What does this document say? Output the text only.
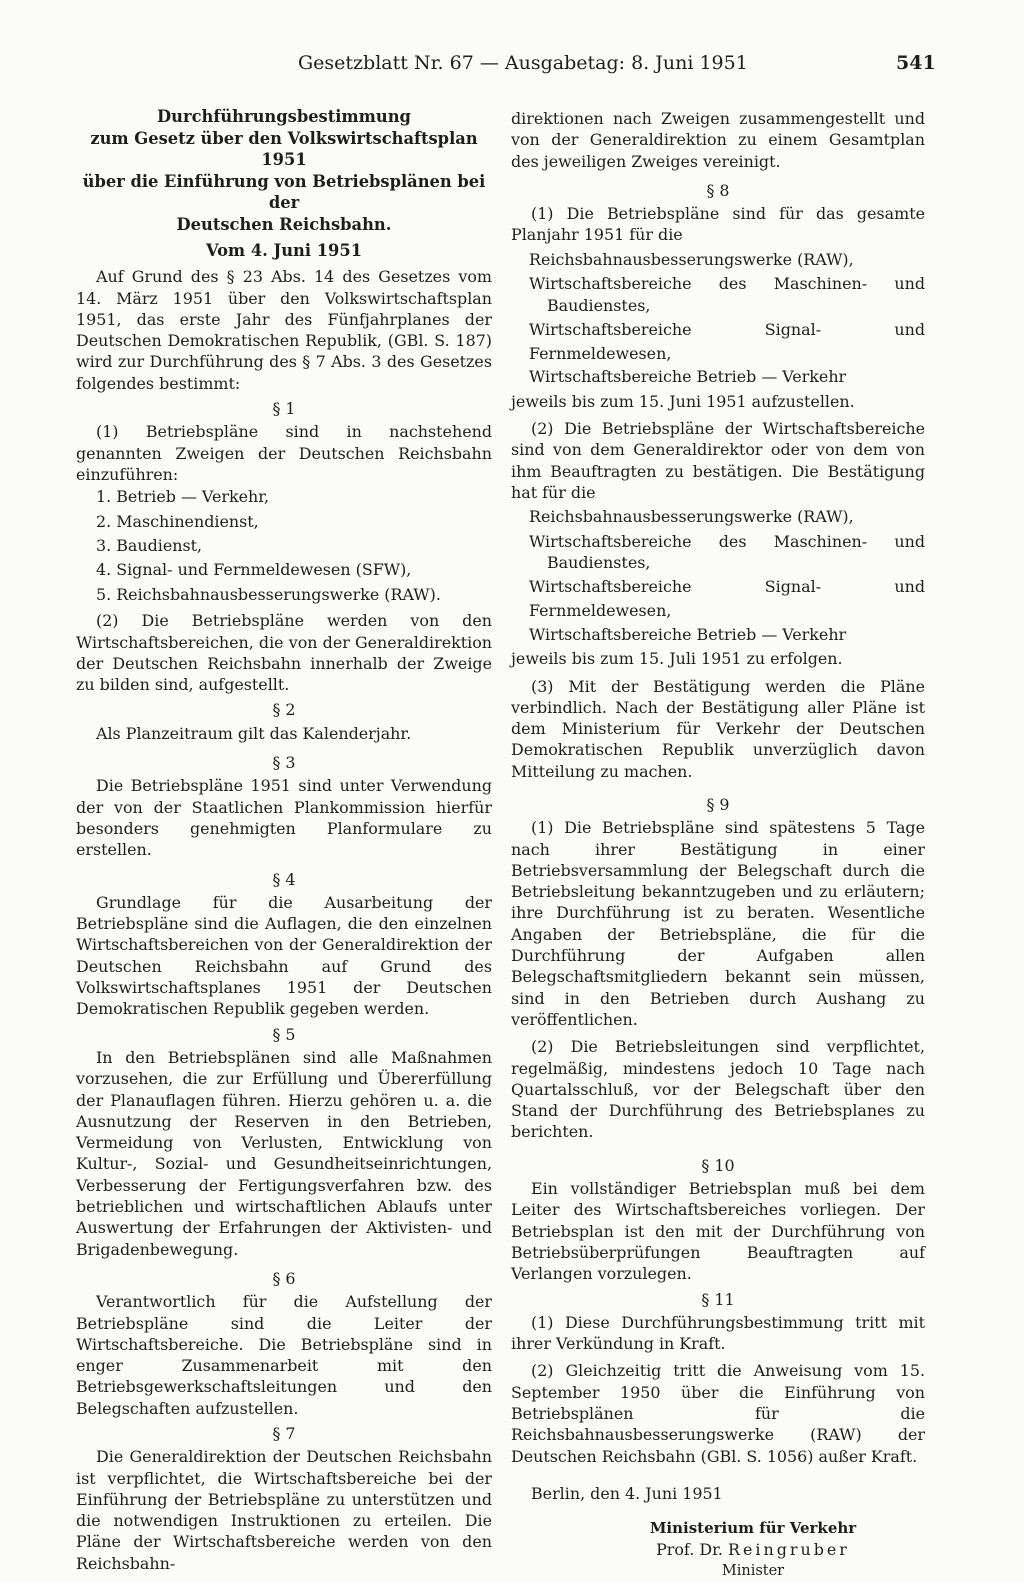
Gesetzblatt Nr. 67 — Ausgabetag: 8. Juni 1951	541
Durchführungsbestimmung
zum Gesetz über den Volkswirtschaftsplan 1951
über die Einführung von Betriebsplänen bei der
Deutschen Reichsbahn.
Vom 4. Juni 1951

Auf Grund des § 23 Abs. 14 des Gesetzes vom 14. März 1951 über den Volkswirtschaftsplan 1951, das erste Jahr des Fünfjahrplanes der Deutschen Demokratischen Republik, (GBl. S. 187) wird zur Durchführung des § 7 Abs. 3 des Gesetzes folgendes bestimmt:

§ 1

(1) Betriebspläne sind in nachstehend genannten Zweigen der Deutschen Reichsbahn einzuführen:

1. Betrieb — Verkehr,
2. Maschinendienst,
3. Baudienst,
4. Signal- und Fernmeldewesen (SFW),
5. Reichsbahnausbesserungswerke (RAW).

(2) Die Betriebspläne werden von den Wirtschaftsbereichen, die von der Generaldirektion der Deutschen Reichsbahn innerhalb der Zweige zu bilden sind, aufgestellt.

§ 2

Als Planzeitraum gilt das Kalenderjahr.

§ 3

Die Betriebspläne 1951 sind unter Verwendung der von der Staatlichen Plankommission hierfür besonders genehmigten Planformulare zu erstellen.

§ 4

Grundlage für die Ausarbeitung der Betriebspläne sind die Auflagen, die den einzelnen Wirtschaftsbereichen von der Generaldirektion der Deutschen Reichsbahn auf Grund des Volkswirtschaftsplanes 1951 der Deutschen Demokratischen Republik gegeben werden.

§ 5

In den Betriebsplänen sind alle Maßnahmen vorzusehen, die zur Erfüllung und Übererfüllung der Planauflagen führen. Hierzu gehören u. a. die Ausnutzung der Reserven in den Betrieben, Vermeidung von Verlusten, Entwicklung von Kultur-, Sozial- und Gesundheitseinrichtungen, Verbesserung der Fertigungsverfahren bzw. des betrieblichen und wirtschaftlichen Ablaufs unter Auswertung der Erfahrungen der Aktivisten- und Brigadenbewegung.

§ 6

Verantwortlich für die Aufstellung der Betriebspläne sind die Leiter der Wirtschaftsbereiche. Die Betriebspläne sind in enger Zusammenarbeit mit den Betriebsgewerkschaftsleitungen und den Belegschaften aufzustellen.

§ 7

Die Generaldirektion der Deutschen Reichsbahn ist verpflichtet, die Wirtschaftsbereiche bei der Einführung der Betriebspläne zu unterstützen und die notwendigen Instruktionen zu erteilen. Die Pläne der Wirtschaftsbereiche werden von den Reichsbahn-

direktionen nach Zweigen zusammengestellt und von der Generaldirektion zu einem Gesamtplan des jeweiligen Zweiges vereinigt.

§ 8

(1) Die Betriebspläne sind für das gesamte Planjahr 1951 für die

Reichsbahnausbesserungswerke (RAW),
Wirtschaftsbereiche des Maschinen- und Baudienstes,
Wirtschaftsbereiche Signal- und Fernmeldewesen,
Wirtschaftsbereiche Betrieb — Verkehr

jeweils bis zum 15. Juni 1951 aufzustellen.

(2) Die Betriebspläne der Wirtschaftsbereiche sind von dem Generaldirektor oder von dem von ihm Beauftragten zu bestätigen. Die Bestätigung hat für die

Reichsbahnausbesserungswerke (RAW),
Wirtschaftsbereiche des Maschinen- und Baudienstes,
Wirtschaftsbereiche Signal- und Fernmeldewesen,
Wirtschaftsbereiche Betrieb — Verkehr

jeweils bis zum 15. Juli 1951 zu erfolgen.

(3) Mit der Bestätigung werden die Pläne verbindlich. Nach der Bestätigung aller Pläne ist dem Ministerium für Verkehr der Deutschen Demokratischen Republik unverzüglich davon Mitteilung zu machen.

§ 9

(1) Die Betriebspläne sind spätestens 5 Tage nach ihrer Bestätigung in einer Betriebsversammlung der Belegschaft durch die Betriebsleitung bekanntzugeben und zu erläutern; ihre Durchführung ist zu beraten. Wesentliche Angaben der Betriebspläne, die für die Durchführung der Aufgaben allen Belegschaftsmitgliedern bekannt sein müssen, sind in den Betrieben durch Aushang zu veröffentlichen.

(2) Die Betriebsleitungen sind verpflichtet, regelmäßig, mindestens jedoch 10 Tage nach Quartalsschluß, vor der Belegschaft über den Stand der Durchführung des Betriebsplanes zu berichten.

§ 10

Ein vollständiger Betriebsplan muß bei dem Leiter des Wirtschaftsbereiches vorliegen. Der Betriebsplan ist den mit der Durchführung von Betriebsüberprüfungen Beauftragten auf Verlangen vorzulegen.

§ 11

(1) Diese Durchführungsbestimmung tritt mit ihrer Verkündung in Kraft.

(2) Gleichzeitig tritt die Anweisung vom 15. September 1950 über die Einführung von Betriebsplänen für die Reichsbahnausbesserungswerke (RAW) der Deutschen Reichsbahn (GBl. S. 1056) außer Kraft.

Berlin, den 4. Juni 1951

Ministerium für Verkehr
Prof. Dr. Reingruber
Minister
